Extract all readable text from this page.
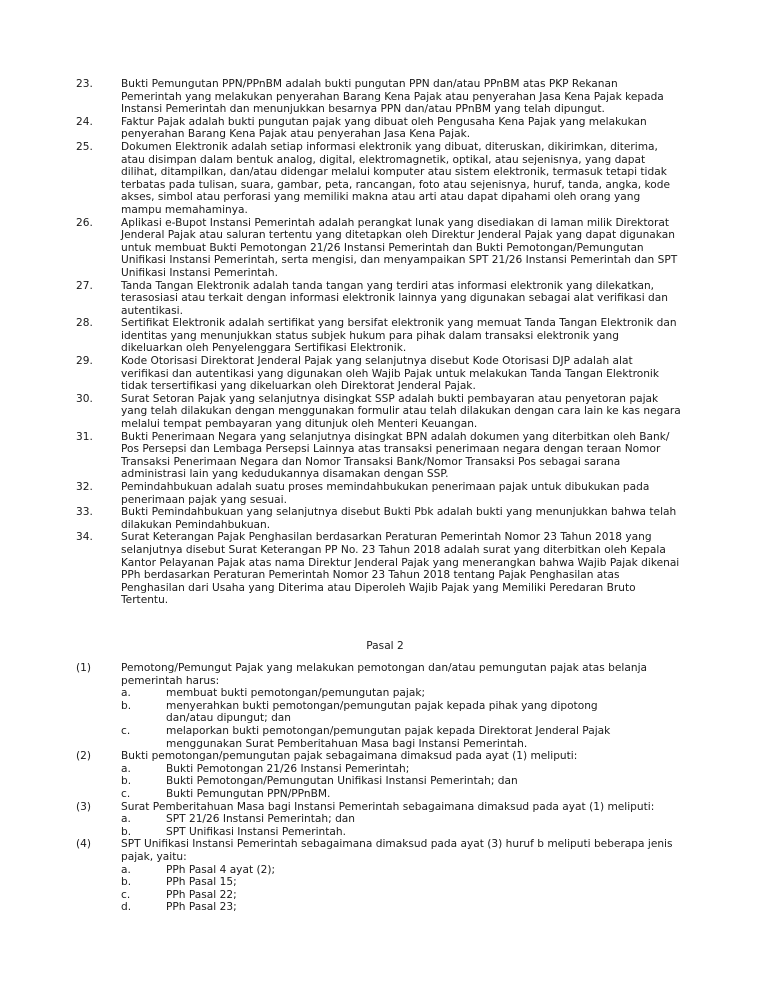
23.	Bukti Pemungutan PPN/PPnBM adalah bukti pungutan PPN dan/atau PPnBM atas PKP Rekanan Pemerintah yang melakukan penyerahan Barang Kena Pajak atau penyerahan Jasa Kena Pajak kepada Instansi Pemerintah dan menunjukkan besarnya PPN dan/atau PPnBM yang telah dipungut.
24.	Faktur Pajak adalah bukti pungutan pajak yang dibuat oleh Pengusaha Kena Pajak yang melakukan penyerahan Barang Kena Pajak atau penyerahan Jasa Kena Pajak.
25.	Dokumen Elektronik adalah setiap informasi elektronik yang dibuat, diteruskan, dikirimkan, diterima, atau disimpan dalam bentuk analog, digital, elektromagnetik, optikal, atau sejenisnya, yang dapat dilihat, ditampilkan, dan/atau didengar melalui komputer atau sistem elektronik, termasuk tetapi tidak terbatas pada tulisan, suara, gambar, peta, rancangan, foto atau sejenisnya, huruf, tanda, angka, kode akses, simbol atau perforasi yang memiliki makna atau arti atau dapat dipahami oleh orang yang mampu memahaminya.
26.	Aplikasi e-Bupot Instansi Pemerintah adalah perangkat lunak yang disediakan di laman milik Direktorat Jenderal Pajak atau saluran tertentu yang ditetapkan oleh Direktur Jenderal Pajak yang dapat digunakan untuk membuat Bukti Pemotongan 21/26 Instansi Pemerintah dan Bukti Pemotongan/Pemungutan Unifikasi Instansi Pemerintah, serta mengisi, dan menyampaikan SPT 21/26 Instansi Pemerintah dan SPT Unifikasi Instansi Pemerintah.
27.	Tanda Tangan Elektronik adalah tanda tangan yang terdiri atas informasi elektronik yang dilekatkan, terasosiasi atau terkait dengan informasi elektronik lainnya yang digunakan sebagai alat verifikasi dan autentikasi.
28.	Sertifikat Elektronik adalah sertifikat yang bersifat elektronik yang memuat Tanda Tangan Elektronik dan identitas yang menunjukkan status subjek hukum para pihak dalam transaksi elektronik yang dikeluarkan oleh Penyelenggara Sertifikasi Elektronik.
29.	Kode Otorisasi Direktorat Jenderal Pajak yang selanjutnya disebut Kode Otorisasi DJP adalah alat verifikasi dan autentikasi yang digunakan oleh Wajib Pajak untuk melakukan Tanda Tangan Elektronik tidak tersertifikasi yang dikeluarkan oleh Direktorat Jenderal Pajak.
30.	Surat Setoran Pajak yang selanjutnya disingkat SSP adalah bukti pembayaran atau penyetoran pajak yang telah dilakukan dengan menggunakan formulir atau telah dilakukan dengan cara lain ke kas negara melalui tempat pembayaran yang ditunjuk oleh Menteri Keuangan.
31.	Bukti Penerimaan Negara yang selanjutnya disingkat BPN adalah dokumen yang diterbitkan oleh Bank/ Pos Persepsi dan Lembaga Persepsi Lainnya atas transaksi penerimaan negara dengan teraan Nomor Transaksi Penerimaan Negara dan Nomor Transaksi Bank/Nomor Transaksi Pos sebagai sarana administrasi lain yang kedudukannya disamakan dengan SSP.
32.	Pemindahbukuan adalah suatu proses memindahbukukan penerimaan pajak untuk dibukukan pada penerimaan pajak yang sesuai.
33.	Bukti Pemindahbukuan yang selanjutnya disebut Bukti Pbk adalah bukti yang menunjukkan bahwa telah dilakukan Pemindahbukuan.
34.	Surat Keterangan Pajak Penghasilan berdasarkan Peraturan Pemerintah Nomor 23 Tahun 2018 yang selanjutnya disebut Surat Keterangan PP No. 23 Tahun 2018 adalah surat yang diterbitkan oleh Kepala Kantor Pelayanan Pajak atas nama Direktur Jenderal Pajak yang menerangkan bahwa Wajib Pajak dikenai PPh berdasarkan Peraturan Pemerintah Nomor 23 Tahun 2018 tentang Pajak Penghasilan atas Penghasilan dari Usaha yang Diterima atau Diperoleh Wajib Pajak yang Memiliki Peredaran Bruto Tertentu.
Pasal 2
(1)	Pemotong/Pemungut Pajak yang melakukan pemotongan dan/atau pemungutan pajak atas belanja pemerintah harus:
a.	membuat bukti pemotongan/pemungutan pajak;
b.	menyerahkan bukti pemotongan/pemungutan pajak kepada pihak yang dipotong dan/atau dipungut; dan
c.	melaporkan bukti pemotongan/pemungutan pajak kepada Direktorat Jenderal Pajak menggunakan Surat Pemberitahuan Masa bagi Instansi Pemerintah.
(2)	Bukti pemotongan/pemungutan pajak sebagaimana dimaksud pada ayat (1) meliputi:
a.	Bukti Pemotongan 21/26 Instansi Pemerintah;
b.	Bukti Pemotongan/Pemungutan Unifikasi Instansi Pemerintah; dan
c.	Bukti Pemungutan PPN/PPnBM.
(3)	Surat Pemberitahuan Masa bagi Instansi Pemerintah sebagaimana dimaksud pada ayat (1) meliputi:
a.	SPT 21/26 Instansi Pemerintah; dan
b.	SPT Unifikasi Instansi Pemerintah.
(4)	SPT Unifikasi Instansi Pemerintah sebagaimana dimaksud pada ayat (3) huruf b meliputi beberapa jenis pajak, yaitu:
a.	PPh Pasal 4 ayat (2);
b.	PPh Pasal 15;
c.	PPh Pasal 22;
d.	PPh Pasal 23;
